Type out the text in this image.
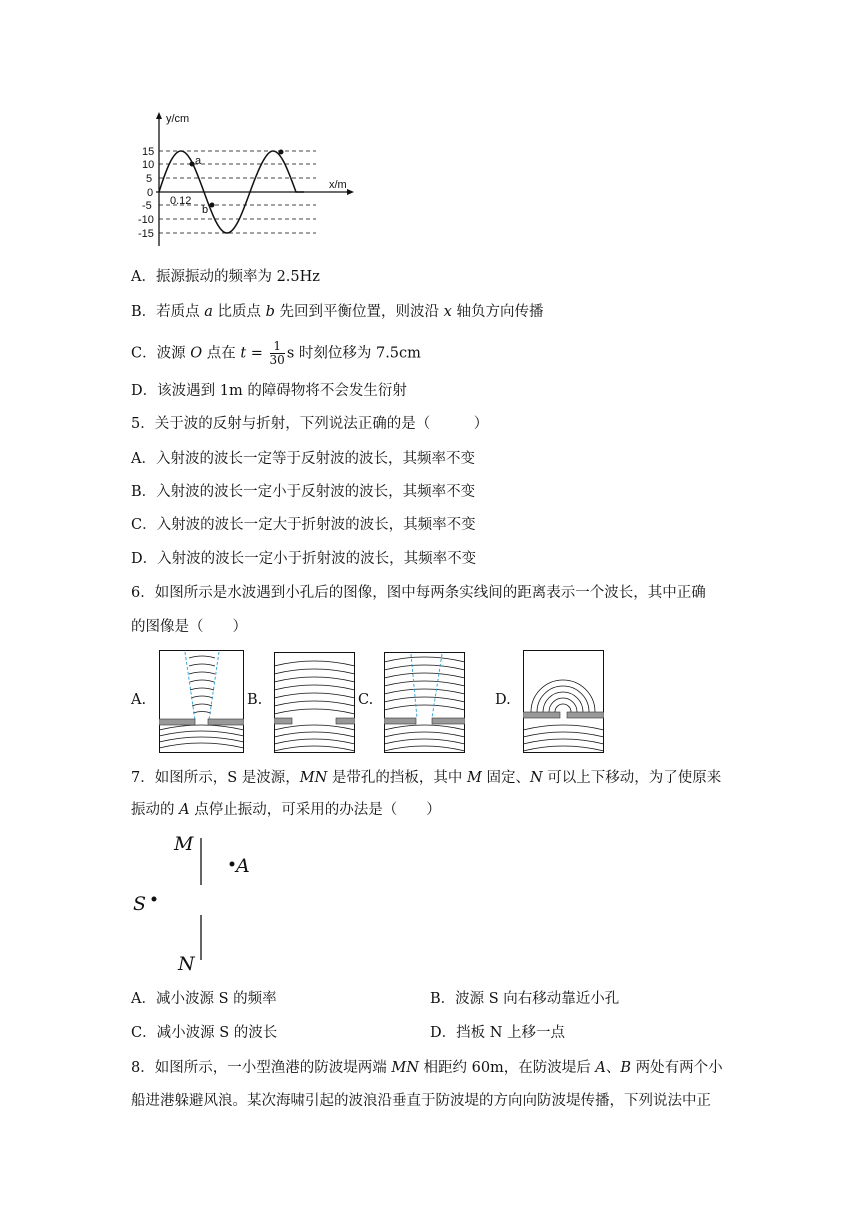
y/cm
x/m
15
10
5
0
-5
-10
-15
0.12
a
b
A．振源振动的频率为 2.5Hz
B．若质点 a 比质点 b 先回到平衡位置，则波沿 x 轴负方向传播
C．波源 O 点在 $t = \frac{1}{30}$ s 时刻位移为 7.5cm
D．该波遇到 1m 的障碍物将不会发生衍射
5．关于波的反射与折射，下列说法正确的是（　　　）
A．入射波的波长一定等于反射波的波长，其频率不变
B．入射波的波长一定小于反射波的波长，其频率不变
C．入射波的波长一定大于折射波的波长，其频率不变
D．入射波的波长一定小于折射波的波长，其频率不变
6．如图所示是水波遇到小孔后的图像，图中每两条实线间的距离表示一个波长，其中正确
的图像是（　　）
A.	B.	C.	D.
7．如图所示，S 是波源，MN 是带孔的挡板，其中 M 固定、N 可以上下移动，为了使原来
振动的 A 点停止振动，可采用的办法是（　　）
M
N
A
S
A．减小波源 S 的频率	B．波源 S 向右移动靠近小孔
C．减小波源 S 的波长	D．挡板 N 上移一点
8．如图所示，一小型渔港的防波堤两端 MN 相距约 60m，在防波堤后 A、B 两处有两个小
船进港躲避风浪。某次海啸引起的波浪沿垂直于防波堤的方向向防波堤传播，下列说法中正
